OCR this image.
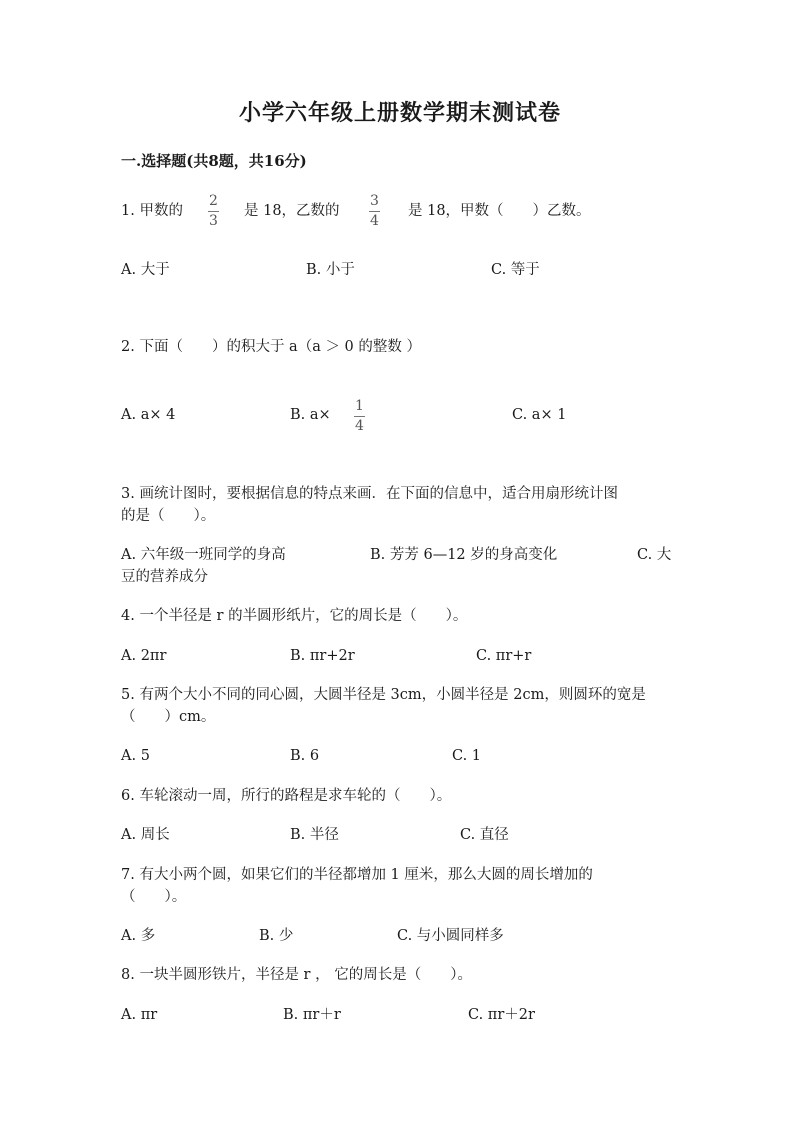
小学六年级上册数学期末测试卷
一.选择题(共8题，共16分)
1. 甲数的
2
3
是 18，乙数的
3
4
是 18，甲数（　　）乙数。
A. 大于	B. 小于	C. 等于
2. 下面（　　）的积大于 a（a ＞ 0 的整数 ）
A. a× 4	B. a×
1
4
C. a× 1
3. 画统计图时，要根据信息的特点来画．在下面的信息中，适合用扇形统计图
的是（　　）。
A. 六年级一班同学的身高	B. 芳芳 6—12 岁的身高变化	C. 大
豆的营养成分
4. 一个半径是 r 的半圆形纸片，它的周长是（　　）。
A. 2πr	B. πr+2r	C. πr+r
5. 有两个大小不同的同心圆，大圆半径是 3cm，小圆半径是 2cm，则圆环的宽是
（　　）cm。
A. 5	B. 6	C. 1
6. 车轮滚动一周，所行的路程是求车轮的（　　）。
A. 周长	B. 半径	C. 直径
7. 有大小两个圆，如果它们的半径都增加 1 厘米，那么大圆的周长增加的
（　　）。
A. 多	B. 少	C. 与小圆同样多
8. 一块半圆形铁片，半径是 r ， 它的周长是（　　）。
A. πr	B. πr＋r	C. πr＋2r
